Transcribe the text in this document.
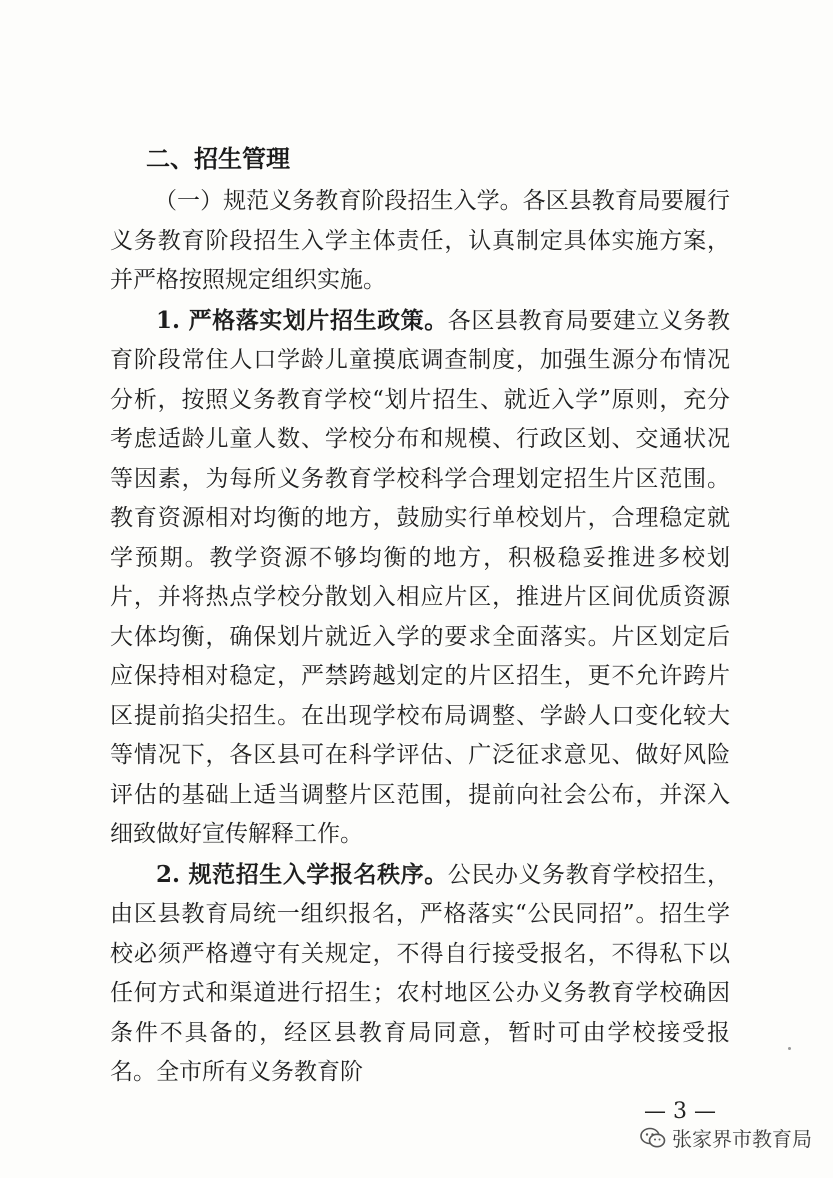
二、招生管理

（一）规范义务教育阶段招生入学。各区县教育局要履行义务教育阶段招生入学主体责任，认真制定具体实施方案，并严格按照规定组织实施。

1. 严格落实划片招生政策。各区县教育局要建立义务教育阶段常住人口学龄儿童摸底调查制度，加强生源分布情况分析，按照义务教育学校“划片招生、就近入学”原则，充分考虑适龄儿童人数、学校分布和规模、行政区划、交通状况等因素，为每所义务教育学校科学合理划定招生片区范围。教育资源相对均衡的地方，鼓励实行单校划片，合理稳定就学预期。教学资源不够均衡的地方，积极稳妥推进多校划片，并将热点学校分散划入相应片区，推进片区间优质资源大体均衡，确保划片就近入学的要求全面落实。片区划定后应保持相对稳定，严禁跨越划定的片区招生，更不允许跨片区提前掐尖招生。在出现学校布局调整、学龄人口变化较大等情况下，各区县可在科学评估、广泛征求意见、做好风险评估的基础上适当调整片区范围，提前向社会公布，并深入细致做好宣传解释工作。

2. 规范招生入学报名秩序。公民办义务教育学校招生，由区县教育局统一组织报名，严格落实“公民同招”。招生学校必须严格遵守有关规定，不得自行接受报名，不得私下以任何方式和渠道进行招生；农村地区公办义务教育学校确因条件不具备的，经区县教育局同意，暂时可由学校接受报名。全市所有义务教育阶

— 3 —
张家界市教育局
